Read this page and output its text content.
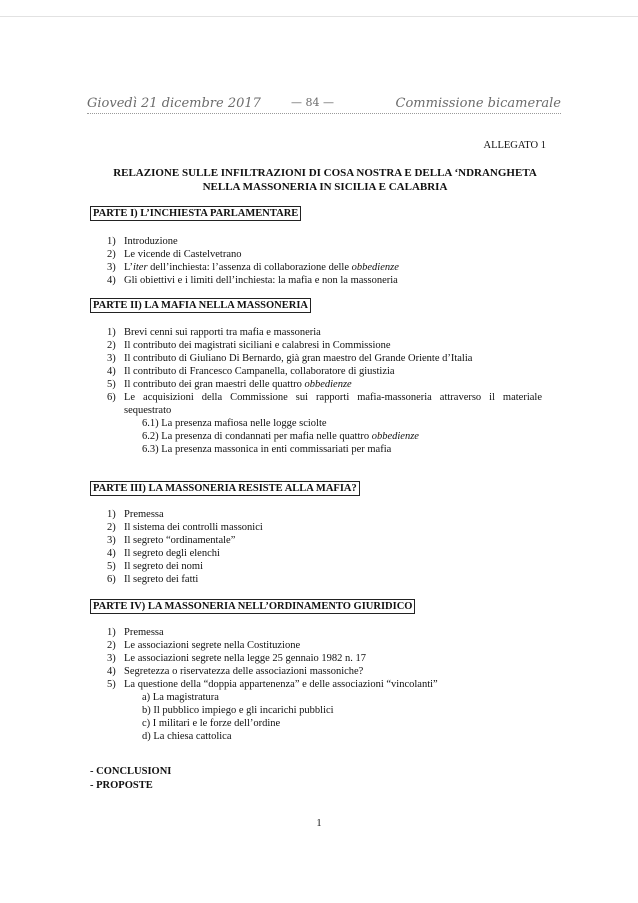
Giovedì 21 dicembre 2017	— 84 —	Commissione bicamerale
ALLEGATO 1
RELAZIONE SULLE INFILTRAZIONI DI COSA NOSTRA E DELLA ‘NDRANGHETA
NELLA MASSONERIA IN SICILIA E CALABRIA
PARTE I) L’INCHIESTA PARLAMENTARE
1) Introduzione
2) Le vicende di Castelvetrano
3) L’iter dell’inchiesta: l’assenza di collaborazione delle obbedienze
4) Gli obiettivi e i limiti dell’inchiesta: la mafia e non la massoneria
PARTE II) LA MAFIA NELLA MASSONERIA
1) Brevi cenni sui rapporti tra mafia e massoneria
2) Il contributo dei magistrati siciliani e calabresi in Commissione
3) Il contributo di Giuliano Di Bernardo, già gran maestro del Grande Oriente d’Italia
4) Il contributo di Francesco Campanella, collaboratore di giustizia
5) Il contributo dei gran maestri delle quattro obbedienze
6) Le acquisizioni della Commissione sui rapporti mafia-massoneria attraverso il materiale
sequestrato
6.1) La presenza mafiosa nelle logge sciolte
6.2) La presenza di condannati per mafia nelle quattro obbedienze
6.3) La presenza massonica in enti commissariati per mafia
PARTE III) LA MASSONERIA RESISTE ALLA MAFIA?
1) Premessa
2) Il sistema dei controlli massonici
3) Il segreto “ordinamentale”
4) Il segreto degli elenchi
5) Il segreto dei nomi
6) Il segreto dei fatti
PARTE IV) LA MASSONERIA NELL’ORDINAMENTO GIURIDICO
1) Premessa
2) Le associazioni segrete nella Costituzione
3) Le associazioni segrete nella legge 25 gennaio 1982 n. 17
4) Segretezza o riservatezza delle associazioni massoniche?
5) La questione della “doppia appartenenza” e delle associazioni “vincolanti”
a) La magistratura
b) Il pubblico impiego e gli incarichi pubblici
c) I militari e le forze dell’ordine
d) La chiesa cattolica
- CONCLUSIONI
- PROPOSTE
1
